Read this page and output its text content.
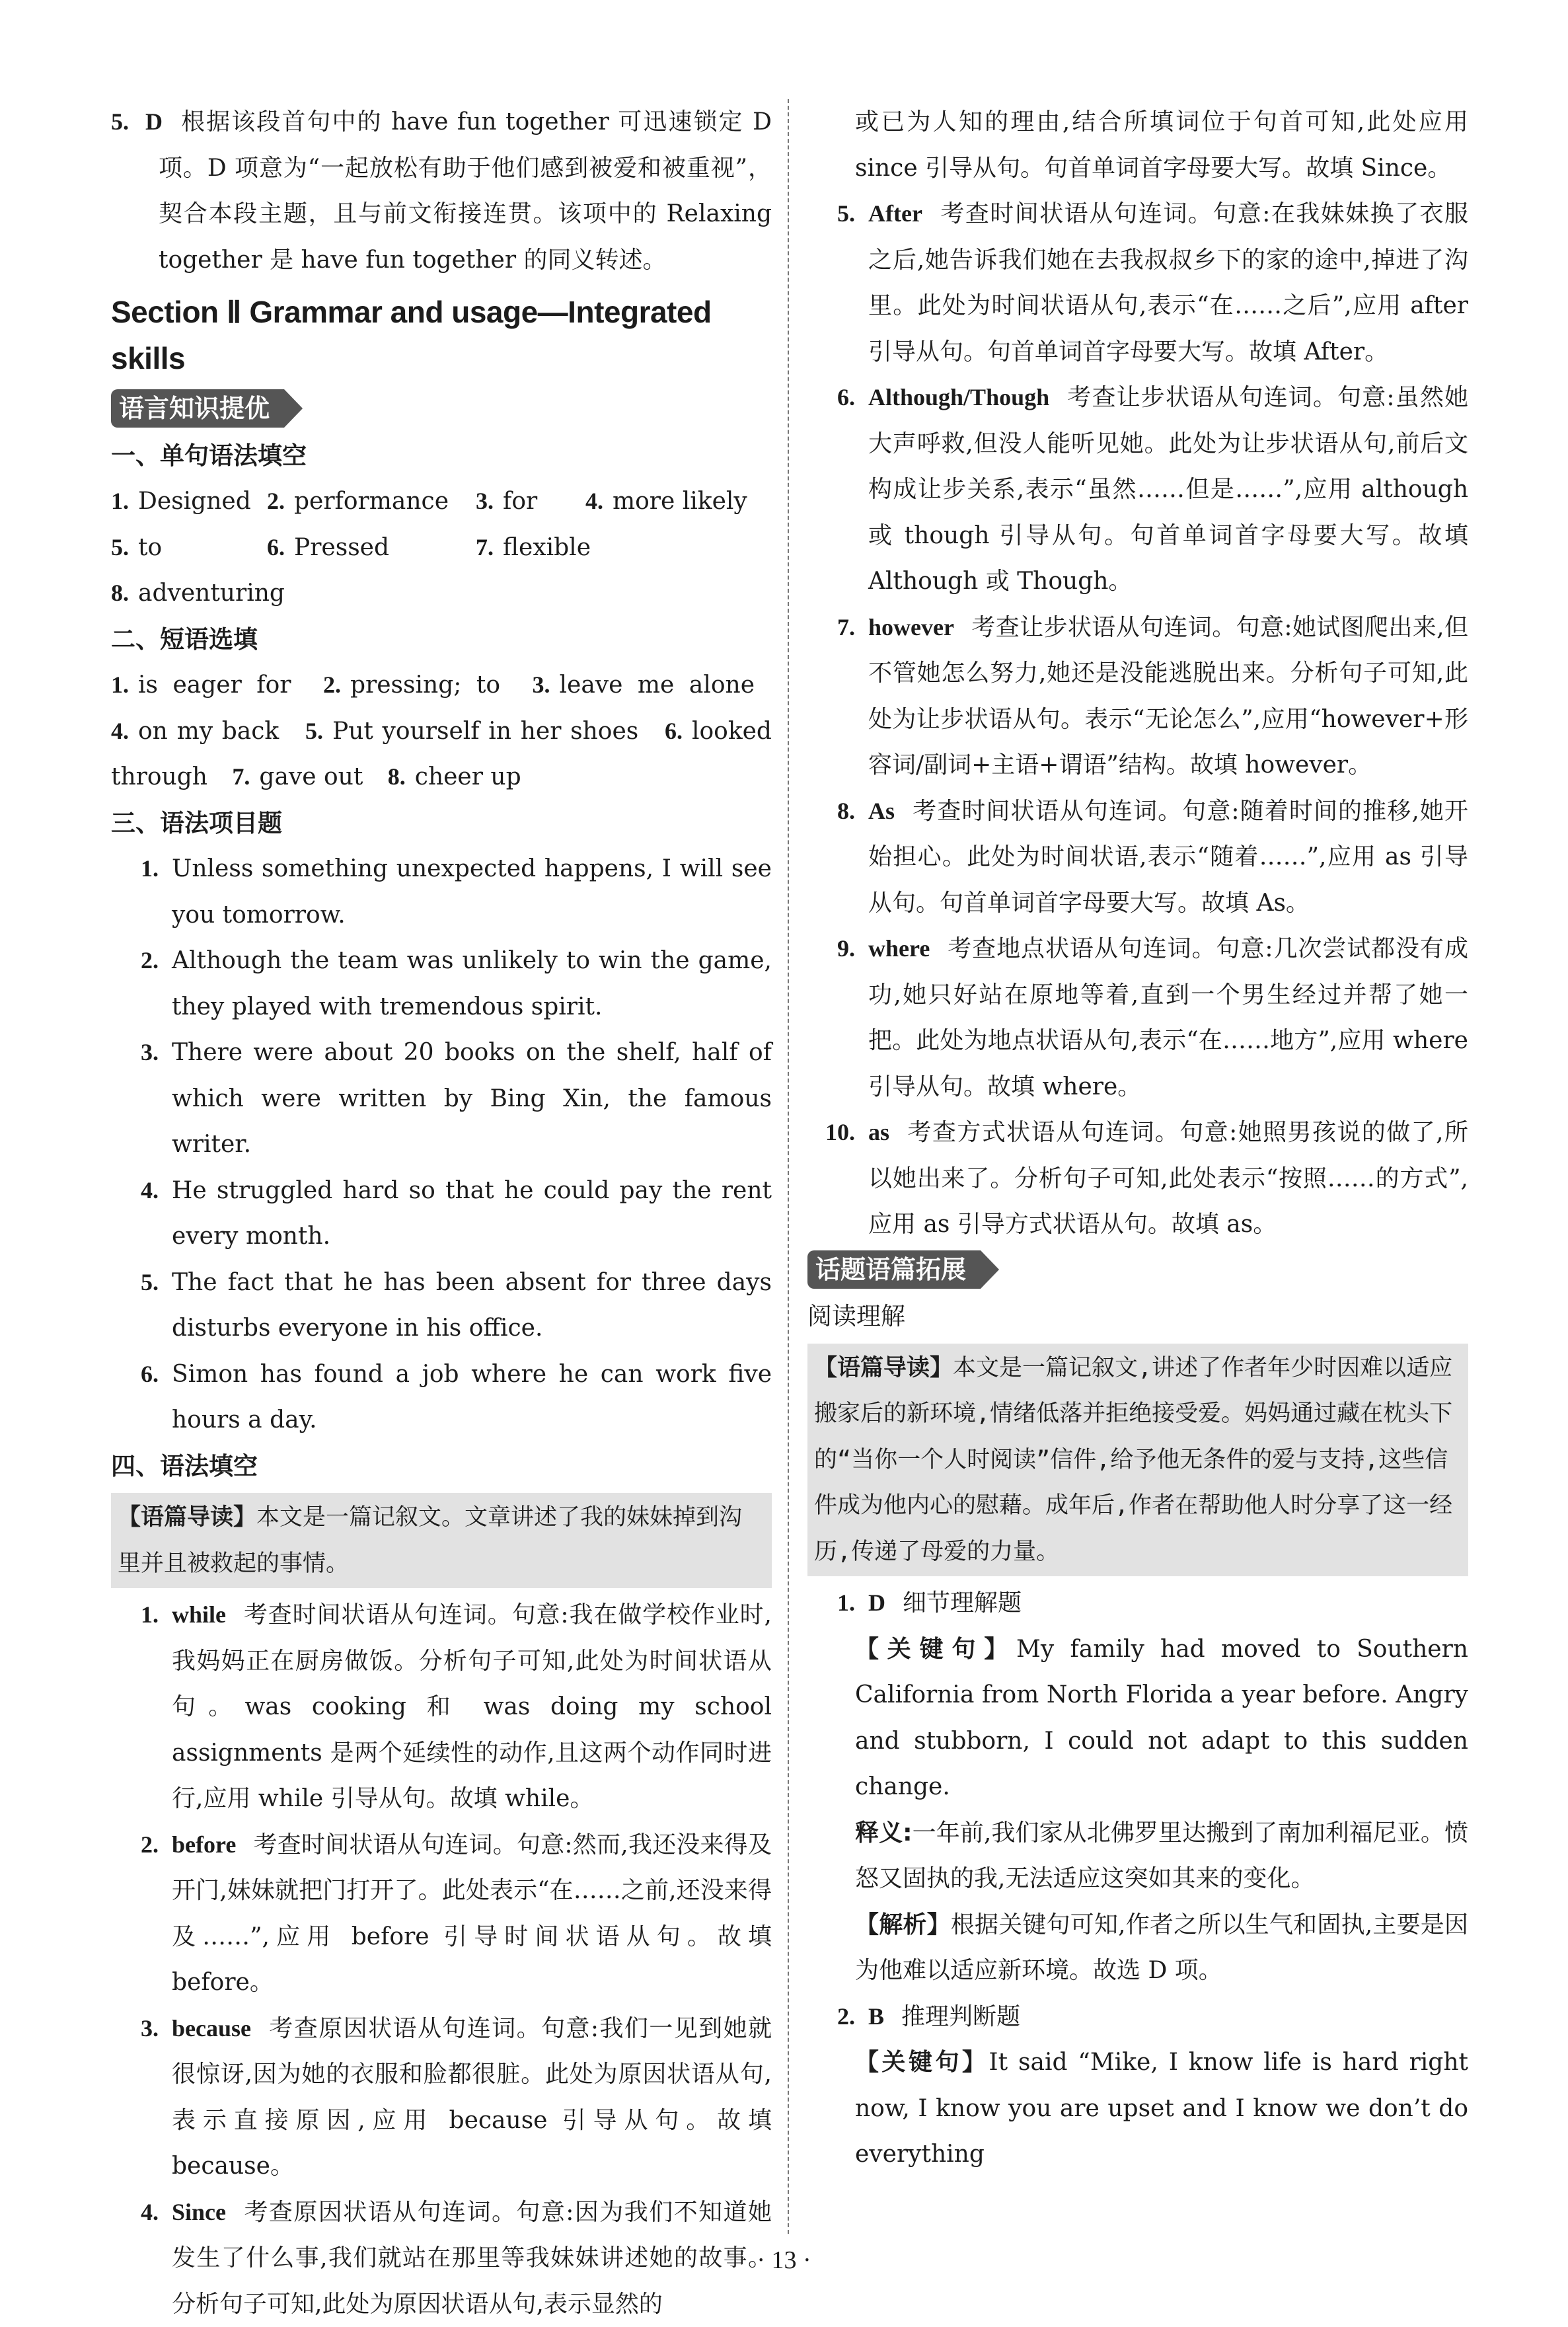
5. D 根据该段首句中的 have fun together 可迅速锁定 D 项。D 项意为“一起放松有助于他们感到被爱和被重视”，契合本段主题，且与前文衔接连贯。该项中的 Relaxing together 是 have fun together 的同义转述。
Section Ⅱ Grammar and usage—Integrated skills
语言知识提优

一、单句语法填空

1. Designed 2. performance	3. for	4. more likely
5. to	6. Pressed	7. flexible
8. adventuring

二、短语选填

1. is eager for 2. pressing; to 3. leave me alone 4. on my back 5. Put yourself in her shoes 6. looked through 7. gave out 8. cheer up

三、语法项目题

1. Unless something unexpected happens, I will see you tomorrow.
2. Although the team was unlikely to win the game, they played with tremendous spirit.
3. There were about 20 books on the shelf, half of which were written by Bing Xin, the famous writer.
4. He struggled hard so that he could pay the rent every month.
5. The fact that he has been absent for three days disturbs everyone in his office.
6. Simon has found a job where he can work five hours a day.

四、语法填空

【语篇导读】本文是一篇记叙文。文章讲述了我的妹妹掉到沟里并且被救起的事情。
1. while 考查时间状语从句连词。句意:我在做学校作业时,我妈妈正在厨房做饭。分析句子可知,此处为时间状语从句。was cooking 和 was doing my school assignments 是两个延续性的动作,且这两个动作同时进行,应用 while 引导从句。故填 while。
2. before 考查时间状语从句连词。句意:然而,我还没来得及开门,妹妹就把门打开了。此处表示“在……之前,还没来得及……”,应用 before 引导时间状语从句。故填 before。
3. because 考查原因状语从句连词。句意:我们一见到她就很惊讶,因为她的衣服和脸都很脏。此处为原因状语从句,表示直接原因,应用 because 引导从句。故填 because。
4. Since 考查原因状语从句连词。句意:因为我们不知道她发生了什么事,我们就站在那里等我妹妹讲述她的故事。分析句子可知,此处为原因状语从句,表示显然的

或已为人知的理由,结合所填词位于句首可知,此处应用 since 引导从句。句首单词首字母要大写。故填 Since。

5. After 考查时间状语从句连词。句意:在我妹妹换了衣服之后,她告诉我们她在去我叔叔乡下的家的途中,掉进了沟里。此处为时间状语从句,表示“在……之后”,应用 after 引导从句。句首单词首字母要大写。故填 After。
6. Although/Though 考查让步状语从句连词。句意:虽然她大声呼救,但没人能听见她。此处为让步状语从句,前后文构成让步关系,表示“虽然……但是……”,应用 although 或 though 引导从句。句首单词首字母要大写。故填 Although 或 Though。
7. however 考查让步状语从句连词。句意:她试图爬出来,但不管她怎么努力,她还是没能逃脱出来。分析句子可知,此处为让步状语从句。表示“无论怎么”,应用“however+形容词/副词+主语+谓语”结构。故填 however。
8. As 考查时间状语从句连词。句意:随着时间的推移,她开始担心。此处为时间状语,表示“随着……”,应用 as 引导从句。句首单词首字母要大写。故填 As。
9. where 考查地点状语从句连词。句意:几次尝试都没有成功,她只好站在原地等着,直到一个男生经过并帮了她一把。此处为地点状语从句,表示“在……地方”,应用 where 引导从句。故填 where。
10. as 考查方式状语从句连词。句意:她照男孩说的做了,所以她出来了。分析句子可知,此处表示“按照……的方式”,应用 as 引导方式状语从句。故填 as。
话题语篇拓展

阅读理解

【语篇导读】本文是一篇记叙文,讲述了作者年少时因难以适应搬家后的新环境,情绪低落并拒绝接受爱。妈妈通过藏在枕头下的“当你一个人时阅读”信件,给予他无条件的爱与支持,这些信件成为他内心的慰藉。成年后,作者在帮助他人时分享了这一经历,传递了母爱的力量。
1. D 细节理解题

【关键句】My family had moved to Southern California from North Florida a year before. Angry and stubborn, I could not adapt to this sudden change.

释义:一年前,我们家从北佛罗里达搬到了南加利福尼亚。愤怒又固执的我,无法适应这突如其来的变化。

【解析】根据关键句可知,作者之所以生气和固执,主要是因为他难以适应新环境。故选 D 项。

2. B 推理判断题

【关键句】It said “Mike, I know life is hard right now, I know you are upset and I know we don’t do everything

· 13 ·
